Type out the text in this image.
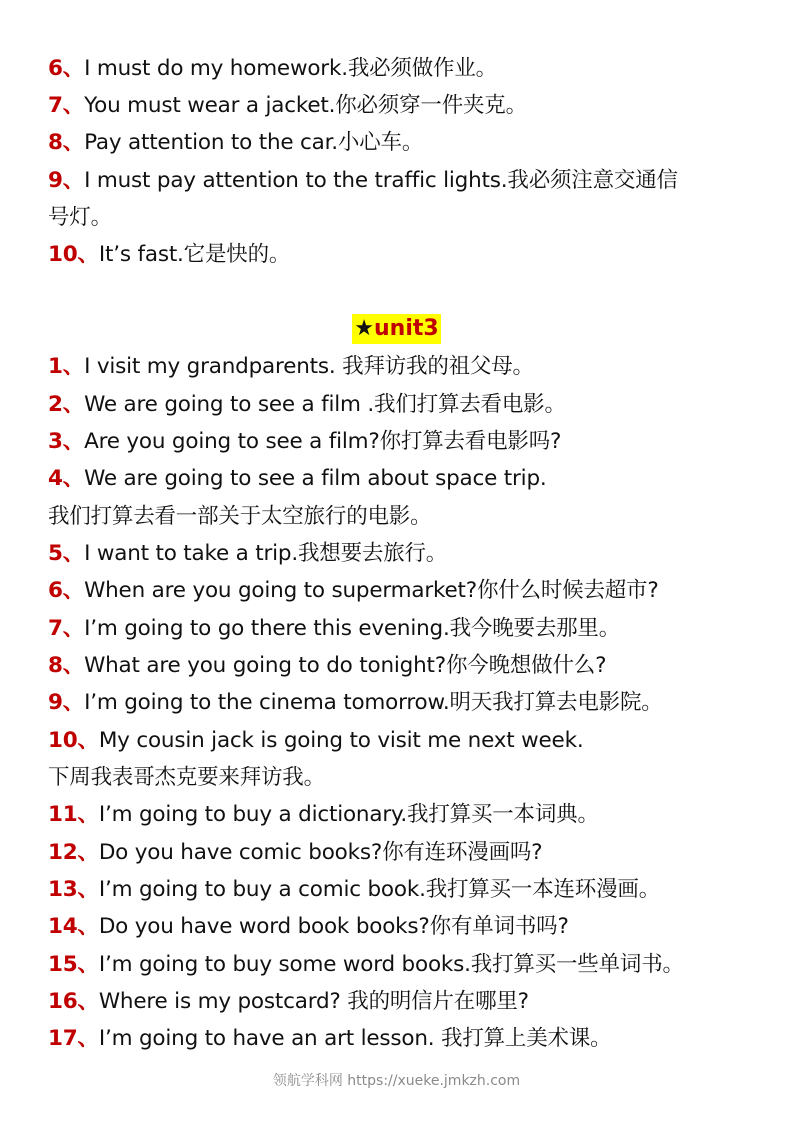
6、I must do my homework.我必须做作业。
7、You must wear a jacket.你必须穿一件夹克。
8、Pay attention to the car.小心车。
9、I must pay attention to the traffic lights.我必须注意交通信
号灯。
10、It’s fast.它是快的。
★unit3
1、I visit my grandparents. 我拜访我的祖父母。
2、We are going to see a film .我们打算去看电影。
3、Are you going to see a film?你打算去看电影吗?
4、We are going to see a film about space trip.
我们打算去看一部关于太空旅行的电影。
5、I want to take a trip.我想要去旅行。
6、When are you going to supermarket?你什么时候去超市?
7、I’m going to go there this evening.我今晚要去那里。
8、What are you going to do tonight?你今晚想做什么?
9、I’m going to the cinema tomorrow.明天我打算去电影院。
10、My cousin jack is going to visit me next week.
下周我表哥杰克要来拜访我。
11、I’m going to buy a dictionary.我打算买一本词典。
12、Do you have comic books?你有连环漫画吗?
13、I’m going to buy a comic book.我打算买一本连环漫画。
14、Do you have word book books?你有单词书吗?
15、I’m going to buy some word books.我打算买一些单词书。
16、Where is my postcard? 我的明信片在哪里?
17、I’m going to have an art lesson. 我打算上美术课。
领航学科网 https://xueke.jmkzh.com
